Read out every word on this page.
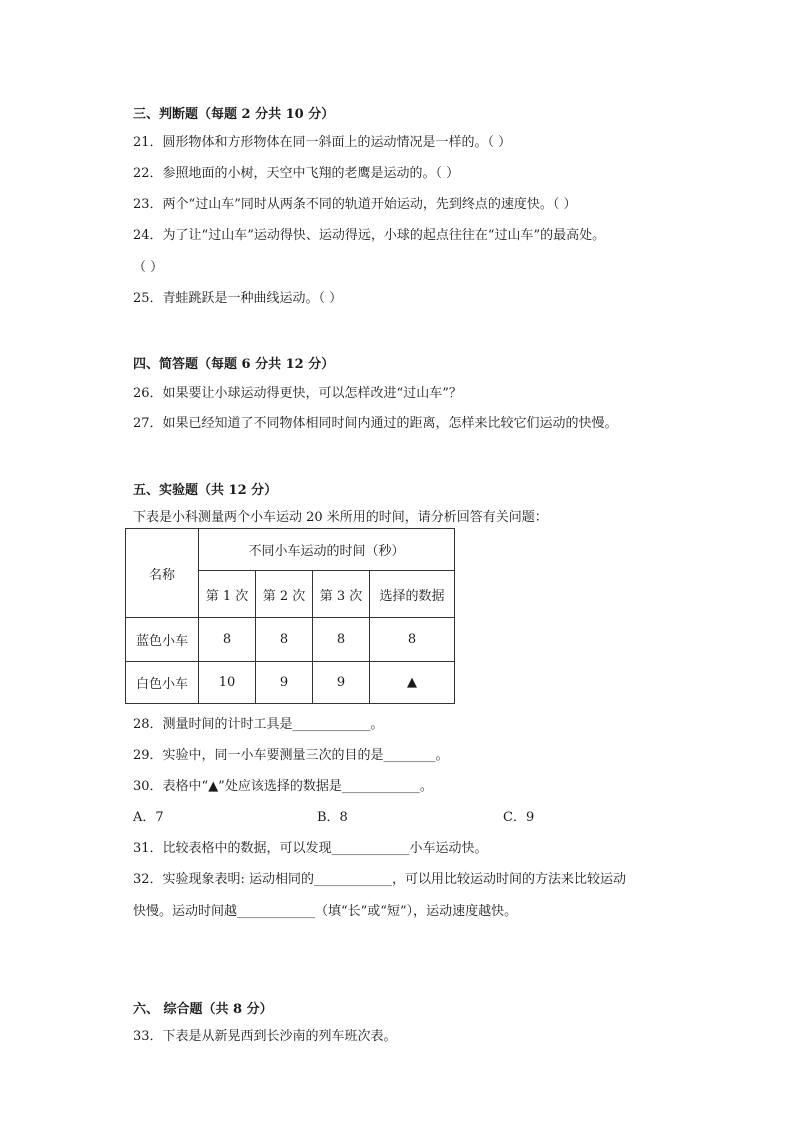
三、判断题（每题 2 分共 10 分）
21．圆形物体和方形物体在同一斜面上的运动情况是一样的。（ ）
22．参照地面的小树，天空中飞翔的老鹰是运动的。（ ）
23．两个“过山车”同时从两条不同的轨道开始运动，先到终点的速度快。（ ）
24．为了让“过山车”运动得快、运动得远，小球的起点往往在“过山车”的最高处。
（ ）
25．青蛙跳跃是一种曲线运动。（ ）
四、简答题（每题 6 分共 12 分）
26．如果要让小球运动得更快，可以怎样改进“过山车”？
27．如果已经知道了不同物体相同时间内通过的距离，怎样来比较它们运动的快慢。
五、实验题（共 12 分）
下表是小科测量两个小车运动 20 米所用的时间，请分析回答有关问题：
名称	不同小车运动的时间（秒）			
	第 1 次	第 2 次	第 3 次	选择的数据
蓝色小车	8	8	8	8
白色小车	10	9	9	▲
28．测量时间的计时工具是____________。
29．实验中，同一小车要测量三次的目的是________。
30．表格中“▲”处应该选择的数据是____________。
A．7	B．8	C．9
31．比较表格中的数据，可以发现____________小车运动快。
32．实验现象表明: 运动相同的____________，可以用比较运动时间的方法来比较运动
快慢。运动时间越____________（填“长”或“短”），运动速度越快。
六、 综合题（共 8 分）
33．下表是从新晃西到长沙南的列车班次表。
